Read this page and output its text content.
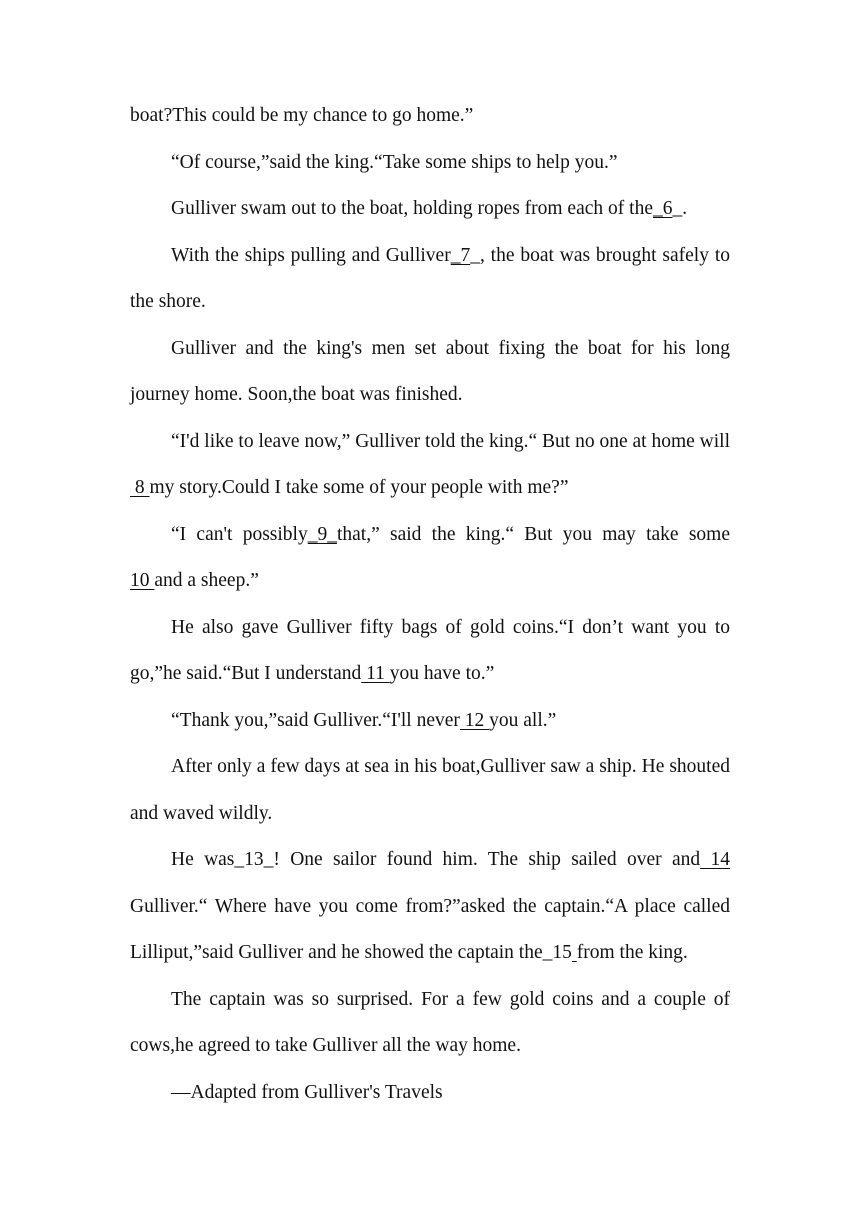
boat?This could be my chance to go home.”

“Of course,”said the king.“Take some ships to help you.”

Gulliver swam out to the boat, holding ropes from each of the_6_.

With the ships pulling and Gulliver_7_, the boat was brought safely to the shore.

Gulliver and the king's men set about fixing the boat for his long journey home. Soon,the boat was finished.

“I'd like to leave now,” Gulliver told the king.“ But no one at home will 8 my story.Could I take some of your people with me?”

“I can't possibly_9_that,” said the king.“ But you may take some 10 and a sheep.”

He also gave Gulliver fifty bags of gold coins.“I don’t want you to go,”he said.“But I understand 11 you have to.”

“Thank you,”said Gulliver.“I'll never 12 you all.”

After only a few days at sea in his boat,Gulliver saw a ship. He shouted and waved wildly.

He was_13_! One sailor found him. The ship sailed over and 14 Gulliver.“ Where have you come from?”asked the captain.“A place called Lilliput,”said Gulliver and he showed the captain the_15 from the king.

The captain was so surprised. For a few gold coins and a couple of cows,he agreed to take Gulliver all the way home.

—Adapted from Gulliver's Travels
